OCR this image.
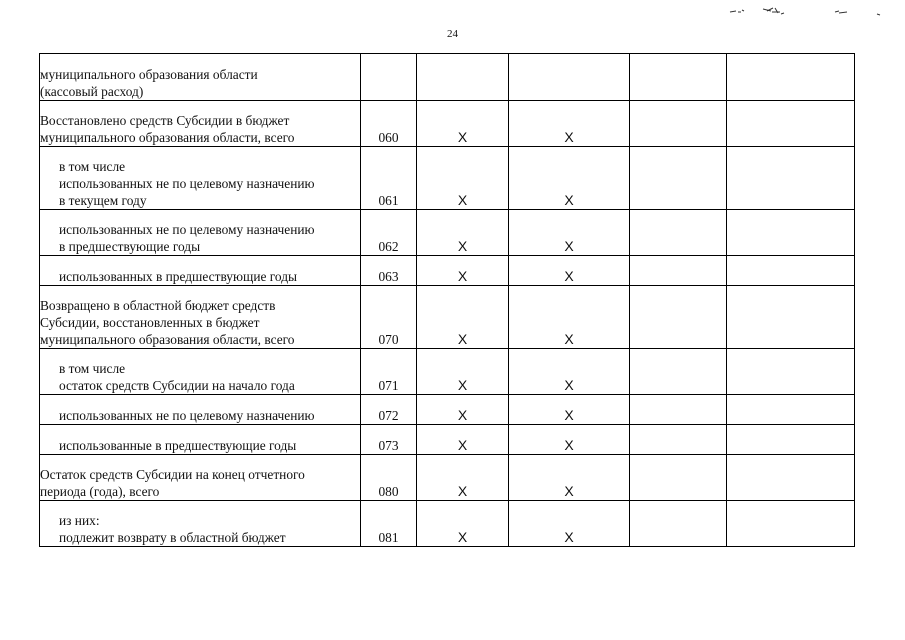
24
муниципального образования области
(кассовый расход)					

Восстановлено средств Субсидии в бюджет
муниципального образования области, всего	060	X	X		

в том числе
использованных не по целевому назначению
в текущем году	061	X	X		

использованных не по целевому назначению
в предшествующие годы	062	X	X		

использованных в предшествующие годы	063	X	X		

Возвращено в областной бюджет средств
Субсидии, восстановленных в бюджет
муниципального образования области, всего	070	X	X		

в том числе
остаток средств Субсидии на начало года	071	X	X		

использованных не по целевому назначению	072	X	X		

использованные в предшествующие годы	073	X	X		

Остаток средств Субсидии на конец отчетного
периода (года), всего	080	X	X		

из них:
подлежит возврату в областной бюджет	081	X	X		
